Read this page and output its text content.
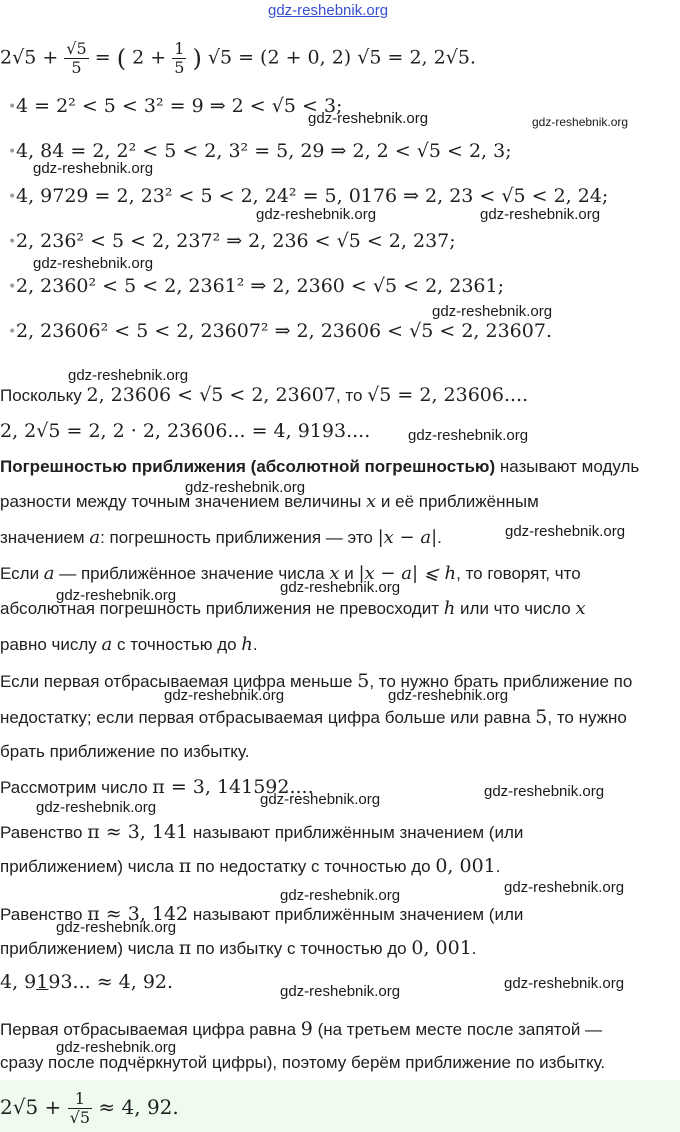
gdz-reshebnik.org
gdz-reshebnik.org	gdz-reshebnik.org
gdz-reshebnik.org
gdz-reshebnik.org	gdz-reshebnik.org
gdz-reshebnik.org
gdz-reshebnik.org
gdz-reshebnik.org
gdz-reshebnik.org
gdz-reshebnik.org
gdz-reshebnik.org
gdz-reshebnik.org
gdz-reshebnik.org
gdz-reshebnik.org	gdz-reshebnik.org
gdz-reshebnik.org
gdz-reshebnik.org
gdz-reshebnik.org
gdz-reshebnik.org
gdz-reshebnik.org
gdz-reshebnik.org
gdz-reshebnik.org
gdz-reshebnik.org
gdz-reshebnik.org
$2√5 + \frac{√5}{5}$ = ( $2 + \frac{1}{5}$ ) √5 = (2 + 0, 2) √5 = 2, 2√5.
• 4 = 2² < 5 < 3² = 9 ⇒ 2 < √5 < 3;
• 4, 84 = 2, 2² < 5 < 2, 3² = 5, 29 ⇒ 2, 2 < √5 < 2, 3;
• 4, 9729 = 2, 23² < 5 < 2, 24² = 5, 0176 ⇒ 2, 23 < √5 < 2, 24;
• 2, 236² < 5 < 2, 237² ⇒ 2, 236 < √5 < 2, 237;
• 2, 2360² < 5 < 2, 2361² ⇒ 2, 2360 < √5 < 2, 2361;
• 2, 23606² < 5 < 2, 23607² ⇒ 2, 23606 < √5 < 2, 23607.
Поскольку 2, 23606 < √5 < 2, 23607, то √5 = 2, 23606....
2, 2√5 = 2, 2 · 2, 23606... = 4, 9193....
Погрешностью приближения (абсолютной погрешностью) называют модуль
разности между точным значением величины x и её приближённым
значением a: погрешность приближения — это |x − a|.
Если a — приближённое значение числа x и |x − a| ⩽ h, то говорят, что
абсолютная погрешность приближения не превосходит h или что число x
равно числу a с точностью до h.
Если первая отбрасываемая цифра меньше 5, то нужно брать приближение по
недостатку; если первая отбрасываемая цифра больше или равна 5, то нужно
брать приближение по избытку.
Рассмотрим число π = 3, 141592....
Равенство π ≈ 3, 141 называют приближённым значением (или
приближением) числа π по недостатку с точностью до 0, 001.
Равенство π ≈ 3, 142 называют приближённым значением (или
приближением) числа π по избытку с точностью до 0, 001.
4, 9193... ≈ 4, 92.
Первая отбрасываемая цифра равна 9 (на третьем месте после запятой —
сразу после подчёркнутой цифры), поэтому берём приближение по избытку.
$2√5 + \frac{1}{√5} \approx 4$, 92.
